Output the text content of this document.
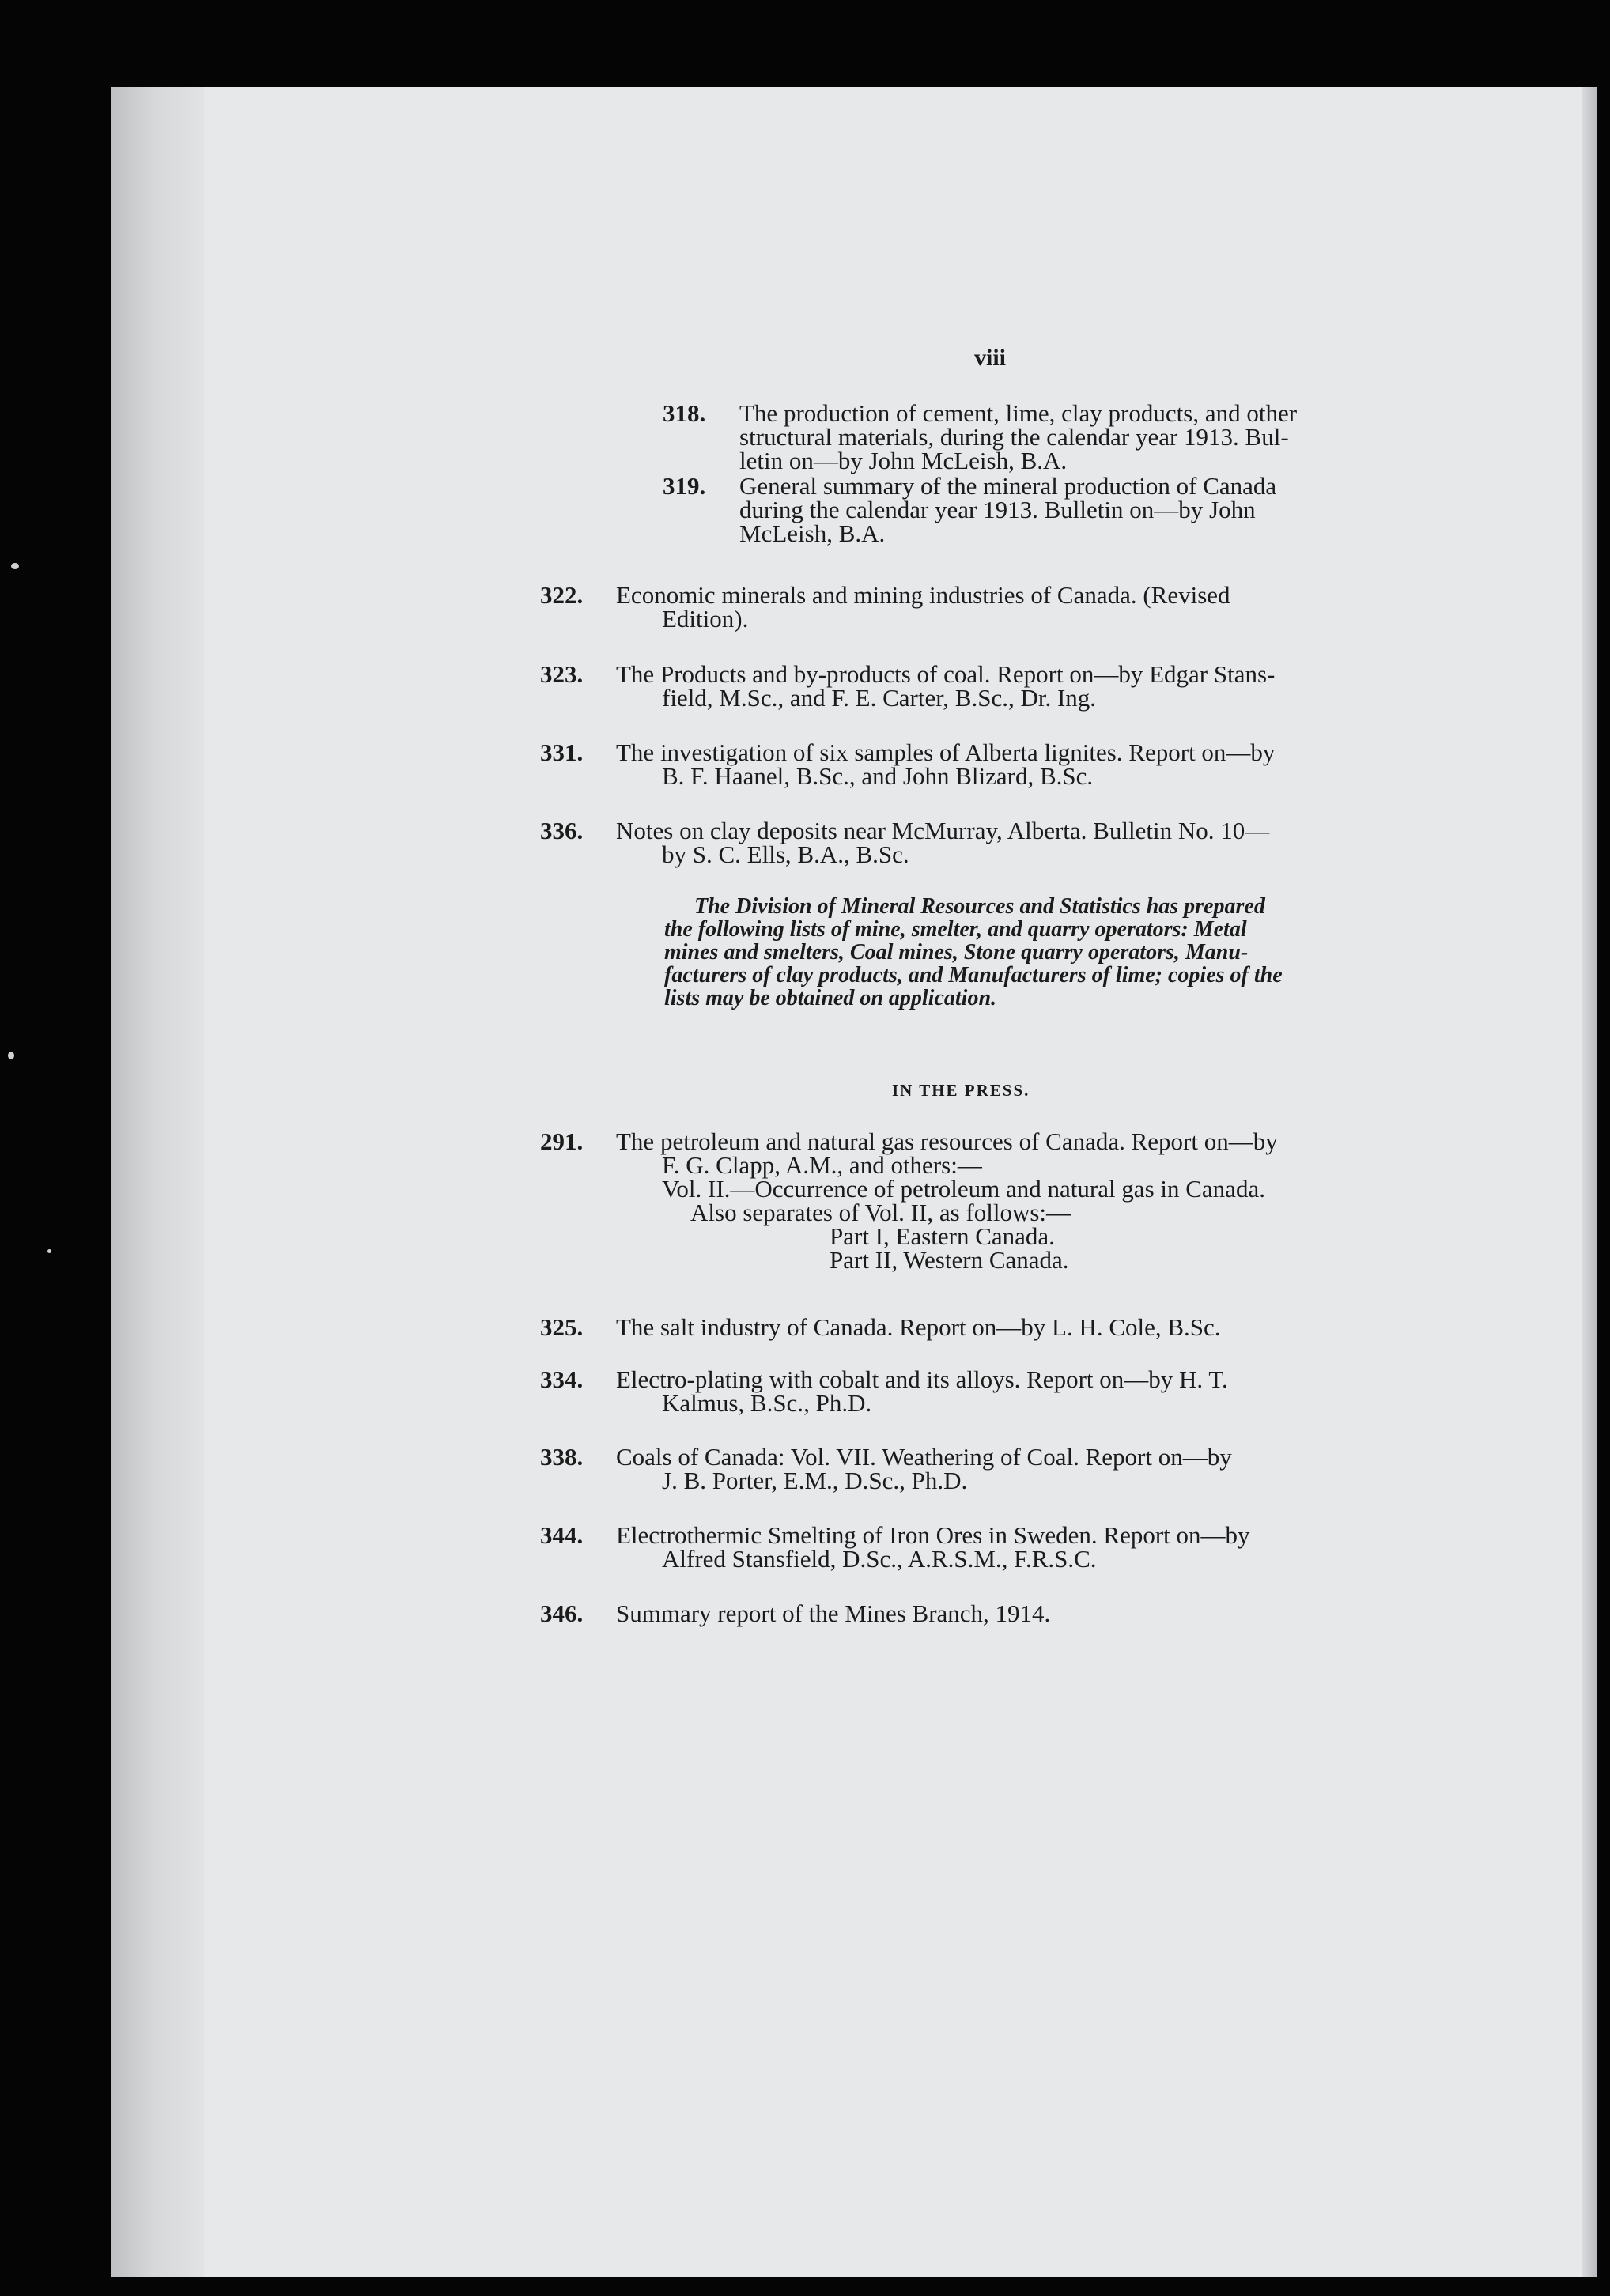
viii
318. The production of cement, lime, clay products, and other
structural materials, during the calendar year 1913. Bul-
letin on—by John McLeish, B.A.
319. General summary of the mineral production of Canada
during the calendar year 1913. Bulletin on—by John
McLeish, B.A.
322. Economic minerals and mining industries of Canada. (Revised
Edition).
323. The Products and by-products of coal. Report on—by Edgar Stans-
field, M.Sc., and F. E. Carter, B.Sc., Dr. Ing.
331. The investigation of six samples of Alberta lignites. Report on—by
B. F. Haanel, B.Sc., and John Blizard, B.Sc.
336. Notes on clay deposits near McMurray, Alberta. Bulletin No. 10—
by S. C. Ells, B.A., B.Sc.
The Division of Mineral Resources and Statistics has prepared
the following lists of mine, smelter, and quarry operators: Metal
mines and smelters, Coal mines, Stone quarry operators, Manu-
facturers of clay products, and Manufacturers of lime; copies of the
lists may be obtained on application.
IN THE PRESS.
291. The petroleum and natural gas resources of Canada. Report on—by
F. G. Clapp, A.M., and others:—
Vol. II.—Occurrence of petroleum and natural gas in Canada.
Also separates of Vol. II, as follows:—
Part I, Eastern Canada.
Part II, Western Canada.
325. The salt industry of Canada. Report on—by L. H. Cole, B.Sc.
334. Electro-plating with cobalt and its alloys. Report on—by H. T.
Kalmus, B.Sc., Ph.D.
338. Coals of Canada: Vol. VII. Weathering of Coal. Report on—by
J. B. Porter, E.M., D.Sc., Ph.D.
344. Electrothermic Smelting of Iron Ores in Sweden. Report on—by
Alfred Stansfield, D.Sc., A.R.S.M., F.R.S.C.
346. Summary report of the Mines Branch, 1914.
